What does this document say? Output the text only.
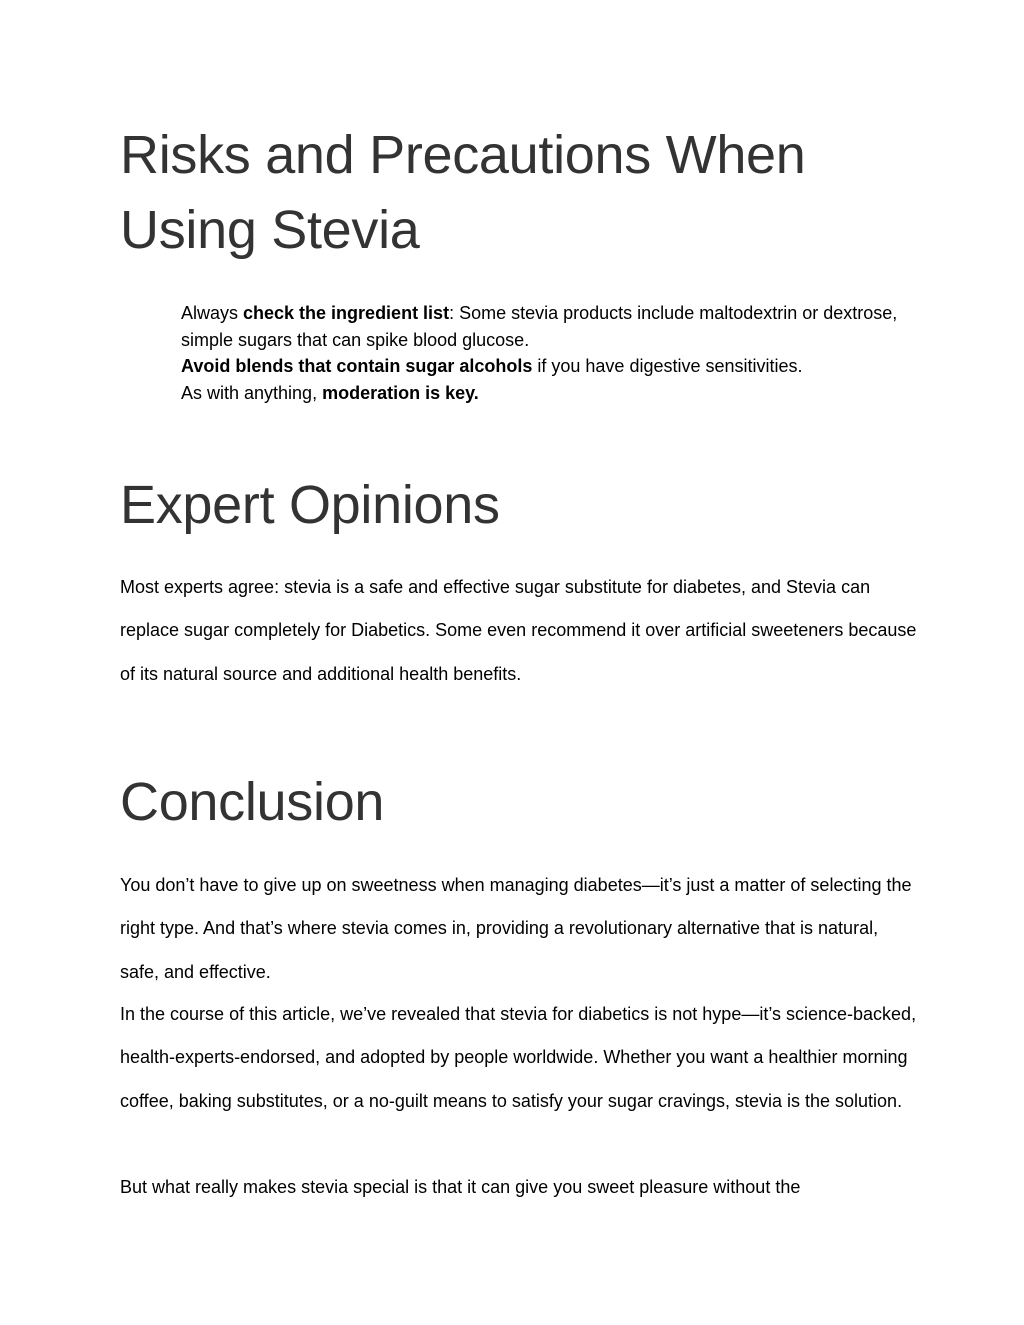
Risks and Precautions When Using Stevia

Always check the ingredient list: Some stevia products include maltodextrin or dextrose, simple sugars that can spike blood glucose.

Avoid blends that contain sugar alcohols if you have digestive sensitivities.

As with anything, moderation is key.

Expert Opinions

Most experts agree: stevia is a safe and effective sugar substitute for diabetes, and Stevia can replace sugar completely for Diabetics. Some even recommend it over artificial sweeteners because of its natural source and additional health benefits.

Conclusion

You don’t have to give up on sweetness when managing diabetes—it’s just a matter of selecting the right type. And that’s where stevia comes in, providing a revolutionary alternative that is natural, safe, and effective.

In the course of this article, we’ve revealed that stevia for diabetics is not hype—it’s science-backed, health-experts-endorsed, and adopted by people worldwide. Whether you want a healthier morning coffee, baking substitutes, or a no-guilt means to satisfy your sugar cravings, stevia is the solution.

But what really makes stevia special is that it can give you sweet pleasure without the
